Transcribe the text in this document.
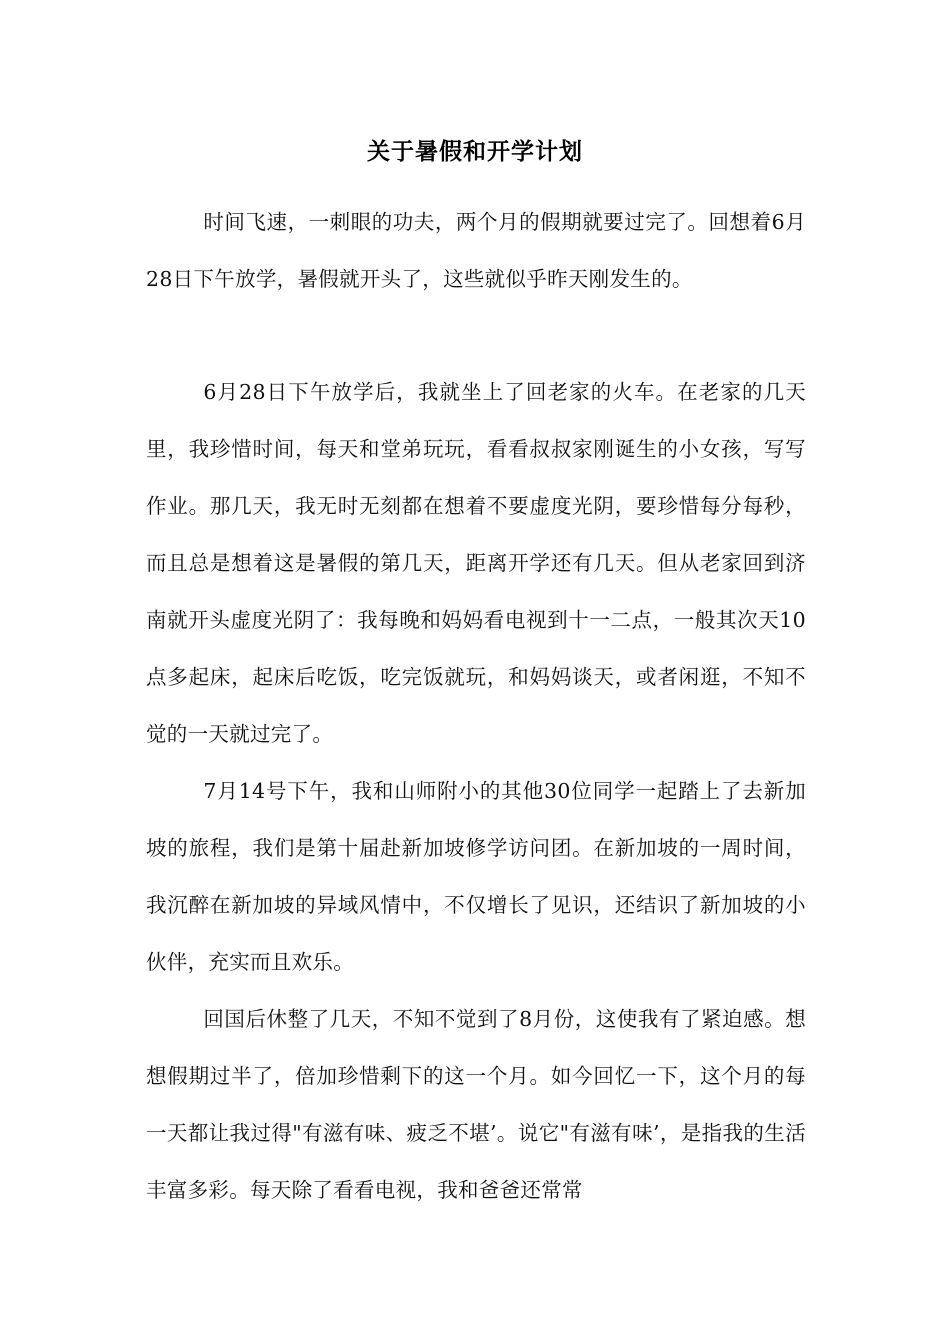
关于暑假和开学计划

时间飞速，一刺眼的功夫，两个月的假期就要过完了。回想着6月28日下午放学，暑假就开头了，这些就似乎昨天刚发生的。

6月28日下午放学后，我就坐上了回老家的火车。在老家的几天里，我珍惜时间，每天和堂弟玩玩，看看叔叔家刚诞生的小女孩，写写作业。那几天，我无时无刻都在想着不要虚度光阴，要珍惜每分每秒，而且总是想着这是暑假的第几天，距离开学还有几天。但从老家回到济南就开头虚度光阴了：我每晚和妈妈看电视到十一二点，一般其次天10点多起床，起床后吃饭，吃完饭就玩，和妈妈谈天，或者闲逛，不知不觉的一天就过完了。

7月14号下午，我和山师附小的其他30位同学一起踏上了去新加坡的旅程，我们是第十届赴新加坡修学访问团。在新加坡的一周时间，我沉醉在新加坡的异域风情中，不仅增长了见识，还结识了新加坡的小伙伴，充实而且欢乐。

回国后休整了几天，不知不觉到了8月份，这使我有了紧迫感。想想假期过半了，倍加珍惜剩下的这一个月。如今回忆一下，这个月的每一天都让我过得"有滋有味、疲乏不堪’。说它"有滋有味’，是指我的生活丰富多彩。每天除了看看电视，我和爸爸还常常
